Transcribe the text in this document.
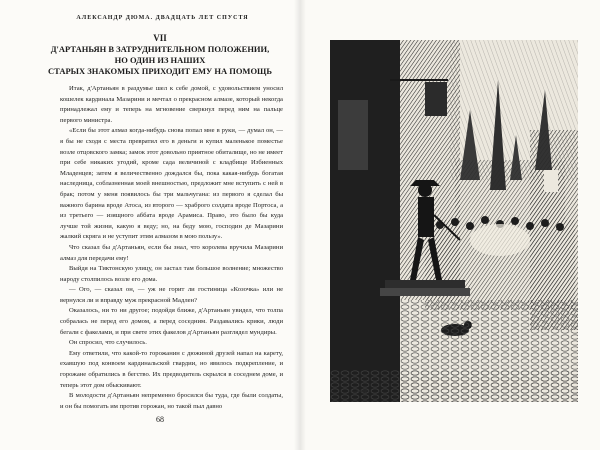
АЛЕКСАНДР ДЮМА. ДВАДЦАТЬ ЛЕТ СПУСТЯ
VII
Д'АРТАНЬЯН В ЗАТРУДНИТЕЛЬНОМ ПОЛОЖЕНИИ,
НО ОДИН ИЗ НАШИХ
СТАРЫХ ЗНАКОМЫХ ПРИХОДИТ ЕМУ НА ПОМОЩЬ

Итак, д'Артаньян в раздумье шел к себе домой, с удовольствием уносил кошелек кардинала Мазарини и мечтал о прекрасном алмазе, который некогда принадлежал ему и теперь на мгновение сверкнул перед ним на пальце первого министра.

«Если бы этот алмаз когда-нибудь снова попал мне в руки, — думал он, — я бы не сходя с места превратил его в деньги и купил маленькое поместье возле отцовского замка; замок этот довольно приятное обиталище, но не имеет при себе никаких угодий, кроме сада величиной с кладбище Избиенных Младенцев; затем я величественно дождался бы, пока какая-нибудь богатая наследница, соблазненная моей внешностью, предложит мне вступить с ней в брак; потом у меня появилось бы три мальчугана: из первого я сделал бы важного барина вроде Атоса, из второго — храброго солдата вроде Портоса, а из третьего — изящного аббата вроде Арамиса. Право, это было бы куда лучше той жизни, какую я веду; но, на беду мою, господин де Мазарини жалкий скряга и не уступит этим алмазом в мою пользу».

Что сказал бы д'Артаньян, если бы знал, что королева вручила Мазарини алмаз для передачи ему!

Выйдя на Тиктонскую улицу, он застал там большое волнение; множество народу столпилось возле его дома.

— Ого, — сказал он, — уж не горит ли гостиница «Козочка» или не вернулся ли и вправду муж прекрасной Мадлен?

Оказалось, ни то ни другое; подойдя ближе, д'Артаньян увидел, что толпа собралась не перед его домом, а перед соседним. Раздавались крики, люди бегали с факелами, и при свете этих факелов д'Артаньян разглядел мундиры.

Он спросил, что случилось.

Ему ответили, что какой-то горожанин с дюжиной друзей напал на карету, ехавшую под конвоем кардинальской гвардии, но явилось подкрепление, и горожане обратились в бегство. Их предводитель скрылся в соседнем доме, и теперь этот дом обыскивают.

В молодости д'Артаньян непременно бросился бы туда, где были солдаты, и он бы помогать им против горожан, но такой пыл давно

68
С.Лелуар
